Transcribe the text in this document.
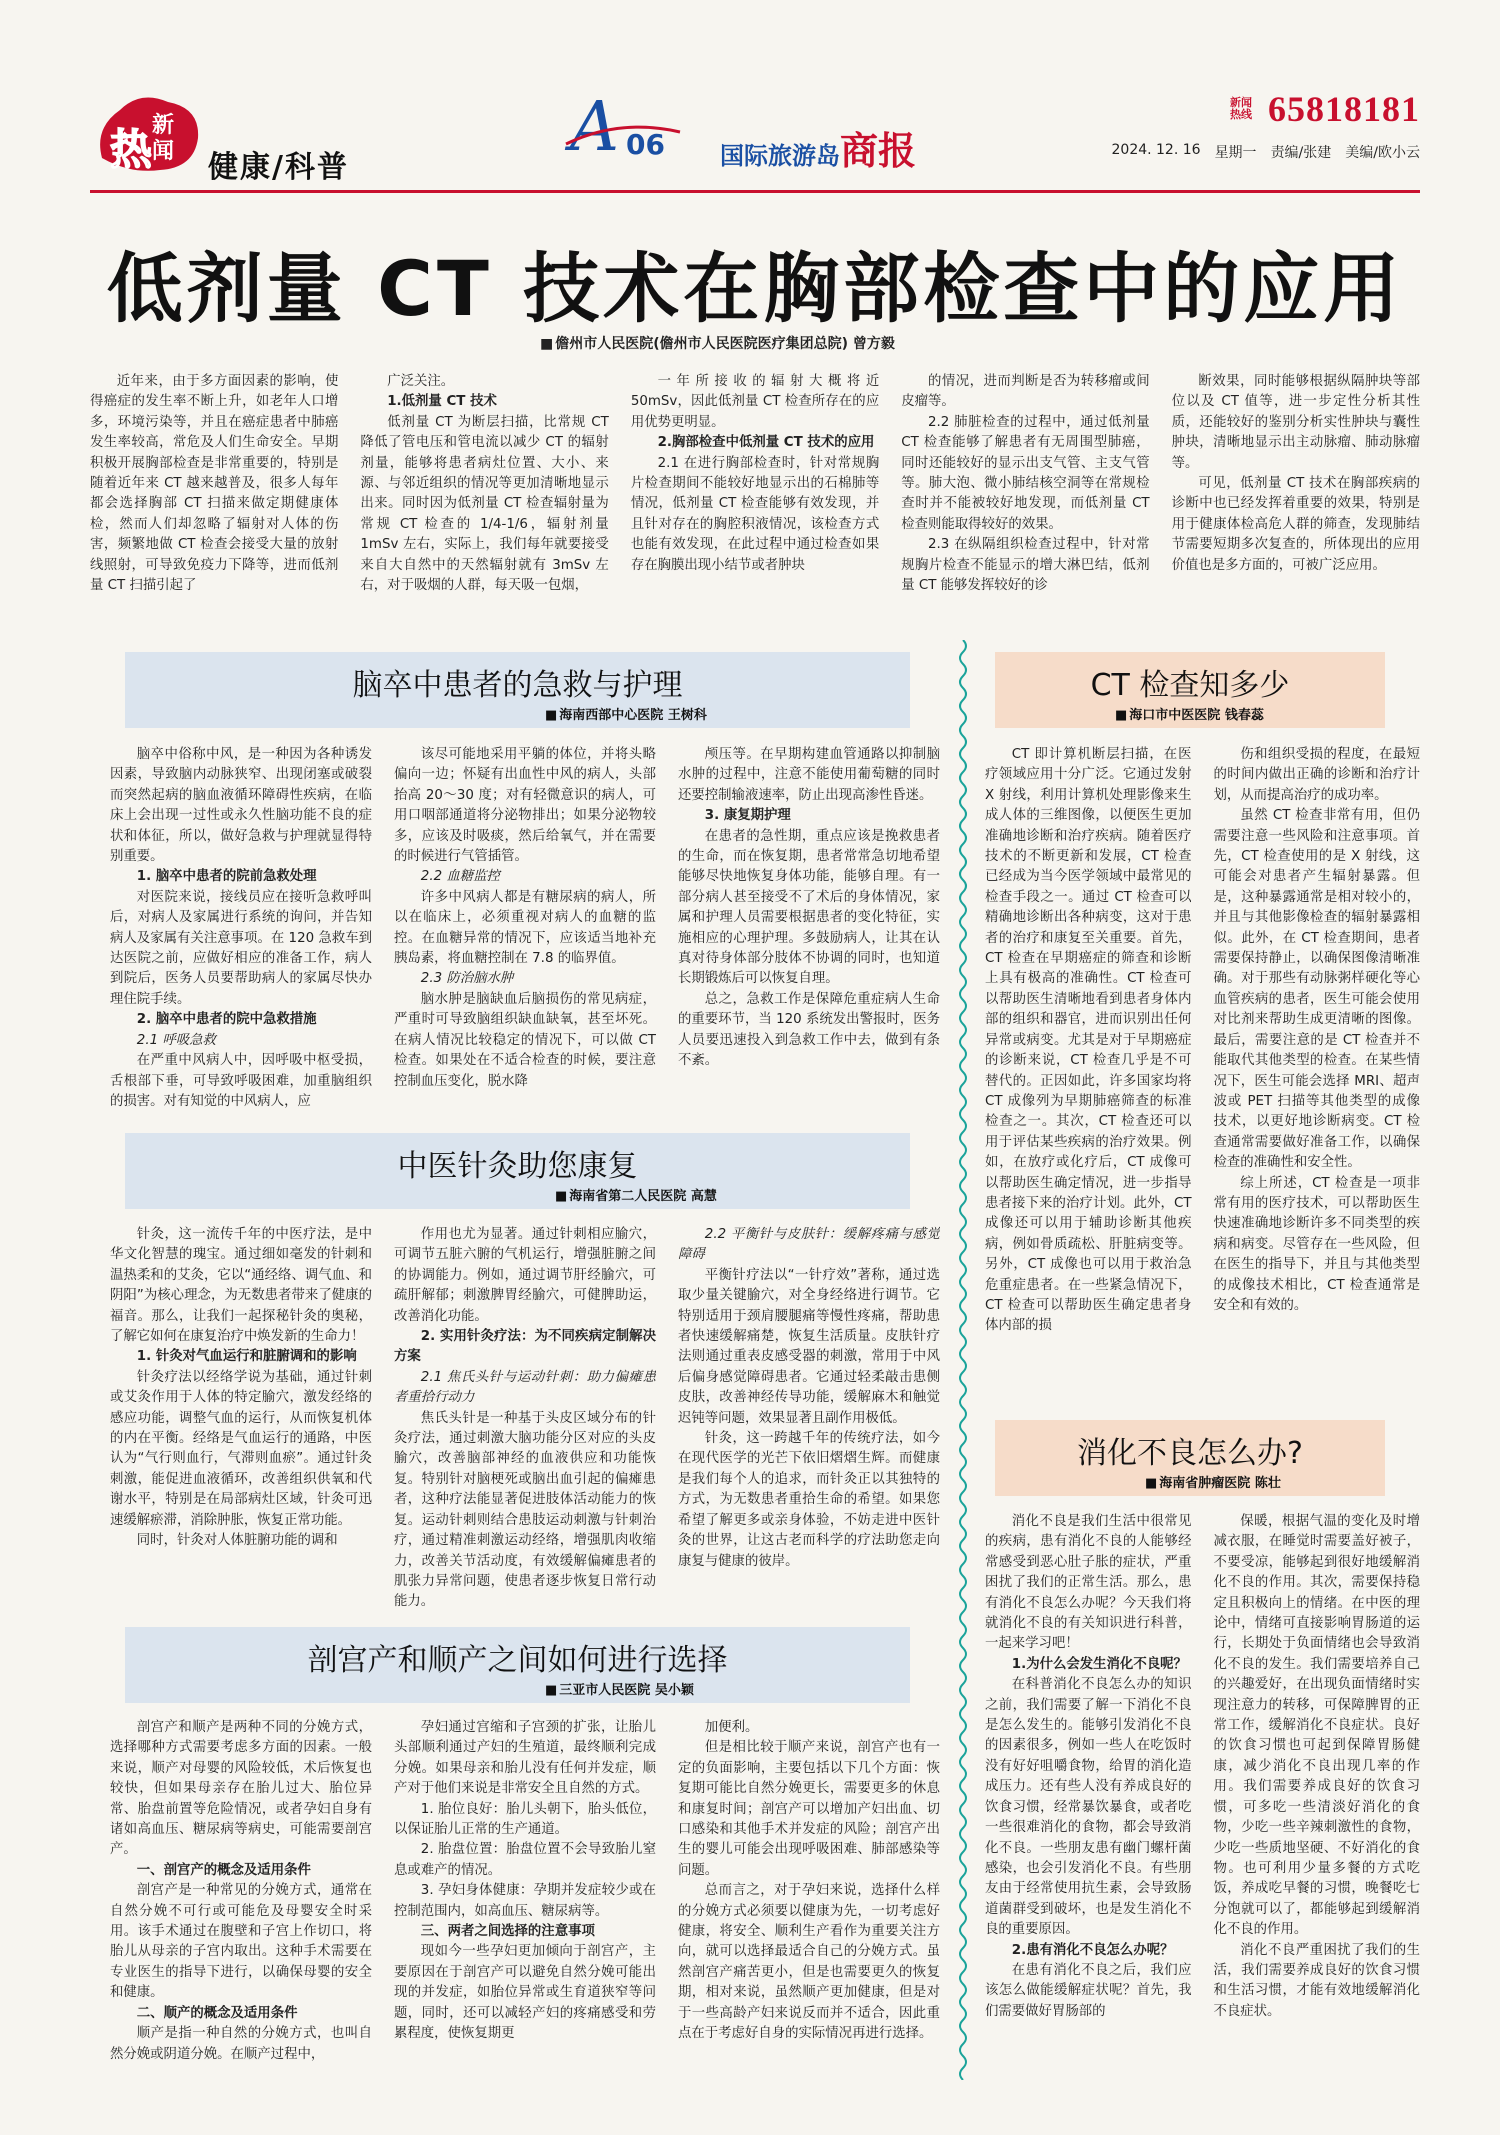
热 新
闻 健康/科普
A 06 国际旅游岛商报
新闻热线 65818181
2024. 12. 16 星期一 责编/张建 美编/欧小云
低剂量 CT 技术在胸部检查中的应用
■ 儋州市人民医院(儋州市人民医院医疗集团总院) 曾方毅

近年来，由于多方面因素的影响，使得癌症的发生率不断上升，如老年人口增多，环境污染等，并且在癌症患者中肺癌发生率较高，常危及人们生命安全。早期积极开展胸部检查是非常重要的，特别是随着近年来 CT 越来越普及，很多人每年都会选择胸部 CT 扫描来做定期健康体检，然而人们却忽略了辐射对人体的伤害，频繁地做 CT 检查会接受大量的放射线照射，可导致免疫力下降等，进而低剂量 CT 扫描引起了

广泛关注。

1.低剂量 CT 技术

低剂量 CT 为断层扫描，比常规 CT 降低了管电压和管电流以减少 CT 的辐射剂量，能够将患者病灶位置、大小、来源、与邻近组织的情况等更加清晰地显示出来。同时因为低剂量 CT 检查辐射量为常规 CT 检查的 1/4-1/6，辐射剂量 1mSv 左右，实际上，我们每年就要接受来自大自然中的天然辐射就有 3mSv 左右，对于吸烟的人群，每天吸一包烟，

一年所接收的辐射大概将近 50mSv，因此低剂量 CT 检查所存在的应用优势更明显。

2.胸部检查中低剂量 CT 技术的应用

2.1 在进行胸部检查时，针对常规胸片检查期间不能较好地显示出的石棉肺等情况，低剂量 CT 检查能够有效发现，并且针对存在的胸腔积液情况，该检查方式也能有效发现，在此过程中通过检查如果存在胸膜出现小结节或者肿块

的情况，进而判断是否为转移瘤或间皮瘤等。

2.2 肺脏检查的过程中，通过低剂量 CT 检查能够了解患者有无周围型肺癌，同时还能较好的显示出支气管、主支气管等。肺大泡、微小肺结核空洞等在常规检查时并不能被较好地发现，而低剂量 CT 检查则能取得较好的效果。

2.3 在纵隔组织检查过程中，针对常规胸片检查不能显示的增大淋巴结，低剂量 CT 能够发挥较好的诊

断效果，同时能够根据纵隔肿块等部位以及 CT 值等，进一步定性分析其性质，还能较好的鉴别分析实性肿块与囊性肿块，清晰地显示出主动脉瘤、肺动脉瘤等。

可见，低剂量 CT 技术在胸部疾病的诊断中也已经发挥着重要的效果，特别是用于健康体检高危人群的筛查，发现肺结节需要短期多次复查的，所体现出的应用价值也是多方面的，可被广泛应用。

脑卒中患者的急救与护理
■ 海南西部中心医院 王树科

脑卒中俗称中风，是一种因为各种诱发因素，导致脑内动脉狭窄、出现闭塞或破裂而突然起病的脑血液循环障碍性疾病，在临床上会出现一过性或永久性脑功能不良的症状和体征，所以，做好急救与护理就显得特别重要。

1. 脑卒中患者的院前急救处理

对医院来说，接线员应在接听急救呼叫后，对病人及家属进行系统的询问，并告知病人及家属有关注意事项。在 120 急救车到达医院之前，应做好相应的准备工作，病人到院后，医务人员要帮助病人的家属尽快办理住院手续。

2. 脑卒中患者的院中急救措施
2.1 呼吸急救

在严重中风病人中，因呼吸中枢受损，舌根部下垂，可导致呼吸困难，加重脑组织的损害。对有知觉的中风病人，应

该尽可能地采用平躺的体位，并将头略偏向一边；怀疑有出血性中风的病人，头部抬高 20～30 度；对有轻微意识的病人，可用口咽部通道将分泌物排出；如果分泌物较多，应该及时吸痰，然后给氧气，并在需要的时候进行气管插管。

2.2 血糖监控

许多中风病人都是有糖尿病的病人，所以在临床上，必须重视对病人的血糖的监控。在血糖异常的情况下，应该适当地补充胰岛素，将血糖控制在 7.8 的临界值。

2.3 防治脑水肿

脑水肿是脑缺血后脑损伤的常见病症，严重时可导致脑组织缺血缺氧，甚至坏死。在病人情况比较稳定的情况下，可以做 CT 检查。如果处在不适合检查的时候，要注意控制血压变化，脱水降

颅压等。在早期构建血管通路以抑制脑水肿的过程中，注意不能使用葡萄糖的同时还要控制输液速率，防止出现高渗性昏迷。

3. 康复期护理

在患者的急性期，重点应该是挽救患者的生命，而在恢复期，患者常常急切地希望能够尽快地恢复身体功能，能够自理。有一部分病人甚至接受不了术后的身体情况，家属和护理人员需要根据患者的变化特征，实施相应的心理护理。多鼓励病人，让其在认真对待身体部分肢体不协调的同时，也知道长期锻炼后可以恢复自理。

总之，急救工作是保障危重症病人生命的重要环节，当 120 系统发出警报时，医务人员要迅速投入到急救工作中去，做到有条不紊。

中医针灸助您康复
■ 海南省第二人民医院 高慧

针灸，这一流传千年的中医疗法，是中华文化智慧的瑰宝。通过细如毫发的针刺和温热柔和的艾灸，它以“通经络、调气血、和阴阳”为核心理念，为无数患者带来了健康的福音。那么，让我们一起探秘针灸的奥秘，了解它如何在康复治疗中焕发新的生命力！

1. 针灸对气血运行和脏腑调和的影响

针灸疗法以经络学说为基础，通过针刺或艾灸作用于人体的特定腧穴，激发经络的感应功能，调整气血的运行，从而恢复机体的内在平衡。经络是气血运行的通路，中医认为“气行则血行，气滞则血瘀”。通过针灸刺激，能促进血液循环，改善组织供氧和代谢水平，特别是在局部病灶区域，针灸可迅速缓解瘀滞，消除肿胀，恢复正常功能。

同时，针灸对人体脏腑功能的调和

作用也尤为显著。通过针刺相应腧穴，可调节五脏六腑的气机运行，增强脏腑之间的协调能力。例如，通过调节肝经腧穴，可疏肝解郁；刺激脾胃经腧穴，可健脾助运，改善消化功能。

2. 实用针灸疗法：为不同疾病定制解决方案
2.1 焦氏头针与运动针刺：助力偏瘫患者重拾行动力

焦氏头针是一种基于头皮区域分布的针灸疗法，通过刺激大脑功能分区对应的头皮腧穴，改善脑部神经的血液供应和功能恢复。特别针对脑梗死或脑出血引起的偏瘫患者，这种疗法能显著促进肢体活动能力的恢复。运动针刺则结合患肢运动刺激与针刺治疗，通过精准刺激运动经络，增强肌肉收缩力，改善关节活动度，有效缓解偏瘫患者的肌张力异常问题，使患者逐步恢复日常行动能力。

2.2 平衡针与皮肤针：缓解疼痛与感觉障碍

平衡针疗法以“一针疗效”著称，通过选取少量关键腧穴，对全身经络进行调节。它特别适用于颈肩腰腿痛等慢性疼痛，帮助患者快速缓解痛楚，恢复生活质量。皮肤针疗法则通过重表皮感受器的刺激，常用于中风后偏身感觉障碍患者。它通过轻柔敲击患侧皮肤，改善神经传导功能，缓解麻木和触觉迟钝等问题，效果显著且副作用极低。

针灸，这一跨越千年的传统疗法，如今在现代医学的光芒下依旧熠熠生辉。而健康是我们每个人的追求，而针灸正以其独特的方式，为无数患者重拾生命的希望。如果您希望了解更多或亲身体验，不妨走进中医针灸的世界，让这古老而科学的疗法助您走向康复与健康的彼岸。

剖宫产和顺产之间如何进行选择
■ 三亚市人民医院 吴小颖

剖宫产和顺产是两种不同的分娩方式，选择哪种方式需要考虑多方面的因素。一般来说，顺产对母婴的风险较低，术后恢复也较快，但如果母亲存在胎儿过大、胎位异常、胎盘前置等危险情况，或者孕妇自身有诸如高血压、糖尿病等病史，可能需要剖宫产。

一、剖宫产的概念及适用条件

剖宫产是一种常见的分娩方式，通常在自然分娩不可行或可能危及母婴安全时采用。该手术通过在腹壁和子宫上作切口，将胎儿从母亲的子宫内取出。这种手术需要在专业医生的指导下进行，以确保母婴的安全和健康。

二、顺产的概念及适用条件

顺产是指一种自然的分娩方式，也叫自然分娩或阴道分娩。在顺产过程中，

孕妇通过宫缩和子宫颈的扩张，让胎儿头部顺利通过产妇的生殖道，最终顺利完成分娩。如果母亲和胎儿没有任何并发症，顺产对于他们来说是非常安全且自然的方式。

1. 胎位良好：胎儿头朝下，胎头低位，以保证胎儿正常的生产通道。

2. 胎盘位置：胎盘位置不会导致胎儿窒息或难产的情况。

3. 孕妇身体健康：孕期并发症较少或在控制范围内，如高血压、糖尿病等。

三、两者之间选择的注意事项

现如今一些孕妇更加倾向于剖宫产，主要原因在于剖宫产可以避免自然分娩可能出现的并发症，如胎位异常或生育道狭窄等问题，同时，还可以减轻产妇的疼痛感受和劳累程度，使恢复期更

加便利。

但是相比较于顺产来说，剖宫产也有一定的负面影响，主要包括以下几个方面：恢复期可能比自然分娩更长，需要更多的休息和康复时间；剖宫产可以增加产妇出血、切口感染和其他手术并发症的风险；剖宫产出生的婴儿可能会出现呼吸困难、肺部感染等问题。

总而言之，对于孕妇来说，选择什么样的分娩方式必须要以健康为先，一切考虑好健康，将安全、顺利生产看作为重要关注方向，就可以选择最适合自己的分娩方式。虽然剖宫产痛苦更小，但是也需要更久的恢复期，相对来说，虽然顺产更加健康，但是对于一些高龄产妇来说反而并不适合，因此重点在于考虑好自身的实际情况再进行选择。

CT 检查知多少
■ 海口市中医医院 钱春蕊

CT 即计算机断层扫描，在医疗领域应用十分广泛。它通过发射 X 射线，利用计算机处理影像来生成人体的三维图像，以便医生更加准确地诊断和治疗疾病。随着医疗技术的不断更新和发展，CT 检查已经成为当今医学领域中最常见的检查手段之一。通过 CT 检查可以精确地诊断出各种病变，这对于患者的治疗和康复至关重要。首先，CT 检查在早期癌症的筛查和诊断上具有极高的准确性。CT 检查可以帮助医生清晰地看到患者身体内部的组织和器官，进而识别出任何异常或病变。尤其是对于早期癌症的诊断来说，CT 检查几乎是不可替代的。正因如此，许多国家均将 CT 成像列为早期肺癌筛查的标准检查之一。其次，CT 检查还可以用于评估某些疾病的治疗效果。例如，在放疗或化疗后，CT 成像可以帮助医生确定情况，进一步指导患者接下来的治疗计划。此外，CT 成像还可以用于辅助诊断其他疾病，例如骨质疏松、肝脏病变等。另外，CT 成像也可以用于救治急危重症患者。在一些紧急情况下，CT 检查可以帮助医生确定患者身体内部的损

伤和组织受损的程度，在最短的时间内做出正确的诊断和治疗计划，从而提高治疗的成功率。

虽然 CT 检查非常有用，但仍需要注意一些风险和注意事项。首先，CT 检查使用的是 X 射线，这可能会对患者产生辐射暴露。但是，这种暴露通常是相对较小的，并且与其他影像检查的辐射暴露相似。此外，在 CT 检查期间，患者需要保持静止，以确保图像清晰准确。对于那些有动脉粥样硬化等心血管疾病的患者，医生可能会使用对比剂来帮助生成更清晰的图像。最后，需要注意的是 CT 检查并不能取代其他类型的检查。在某些情况下，医生可能会选择 MRI、超声波或 PET 扫描等其他类型的成像技术，以更好地诊断病变。CT 检查通常需要做好准备工作，以确保检查的准确性和安全性。

综上所述，CT 检查是一项非常有用的医疗技术，可以帮助医生快速准确地诊断许多不同类型的疾病和病变。尽管存在一些风险，但在医生的指导下，并且与其他类型的成像技术相比，CT 检查通常是安全和有效的。

消化不良怎么办?
■ 海南省肿瘤医院 陈壮

消化不良是我们生活中很常见的疾病，患有消化不良的人能够经常感受到恶心肚子胀的症状，严重困扰了我们的正常生活。那么，患有消化不良怎么办呢？今天我们将就消化不良的有关知识进行科普，一起来学习吧！

1.为什么会发生消化不良呢？

在科普消化不良怎么办的知识之前，我们需要了解一下消化不良是怎么发生的。能够引发消化不良的因素很多，例如一些人在吃饭时没有好好咀嚼食物，给胃的消化造成压力。还有些人没有养成良好的饮食习惯，经常暴饮暴食，或者吃一些很难消化的食物，都会导致消化不良。一些朋友患有幽门螺杆菌感染，也会引发消化不良。有些朋友由于经常使用抗生素，会导致肠道菌群受到破坏，也是发生消化不良的重要原因。

2.患有消化不良怎么办呢？

在患有消化不良之后，我们应该怎么做能缓解症状呢？首先，我们需要做好胃肠部的

保暖，根据气温的变化及时增减衣服，在睡觉时需要盖好被子，不要受凉，能够起到很好地缓解消化不良的作用。其次，需要保持稳定且积极向上的情绪。在中医的理论中，情绪可直接影响胃肠道的运行，长期处于负面情绪也会导致消化不良的发生。我们需要培养自己的兴趣爱好，在出现负面情绪时实现注意力的转移，可保障脾胃的正常工作，缓解消化不良症状。良好的饮食习惯也可起到保障胃肠健康，减少消化不良出现几率的作用。我们需要养成良好的饮食习惯，可多吃一些清淡好消化的食物，少吃一些辛辣刺激性的食物，少吃一些质地坚硬、不好消化的食物。也可利用少量多餐的方式吃饭，养成吃早餐的习惯，晚餐吃七分饱就可以了，都能够起到缓解消化不良的作用。

消化不良严重困扰了我们的生活，我们需要养成良好的饮食习惯和生活习惯，才能有效地缓解消化不良症状。
